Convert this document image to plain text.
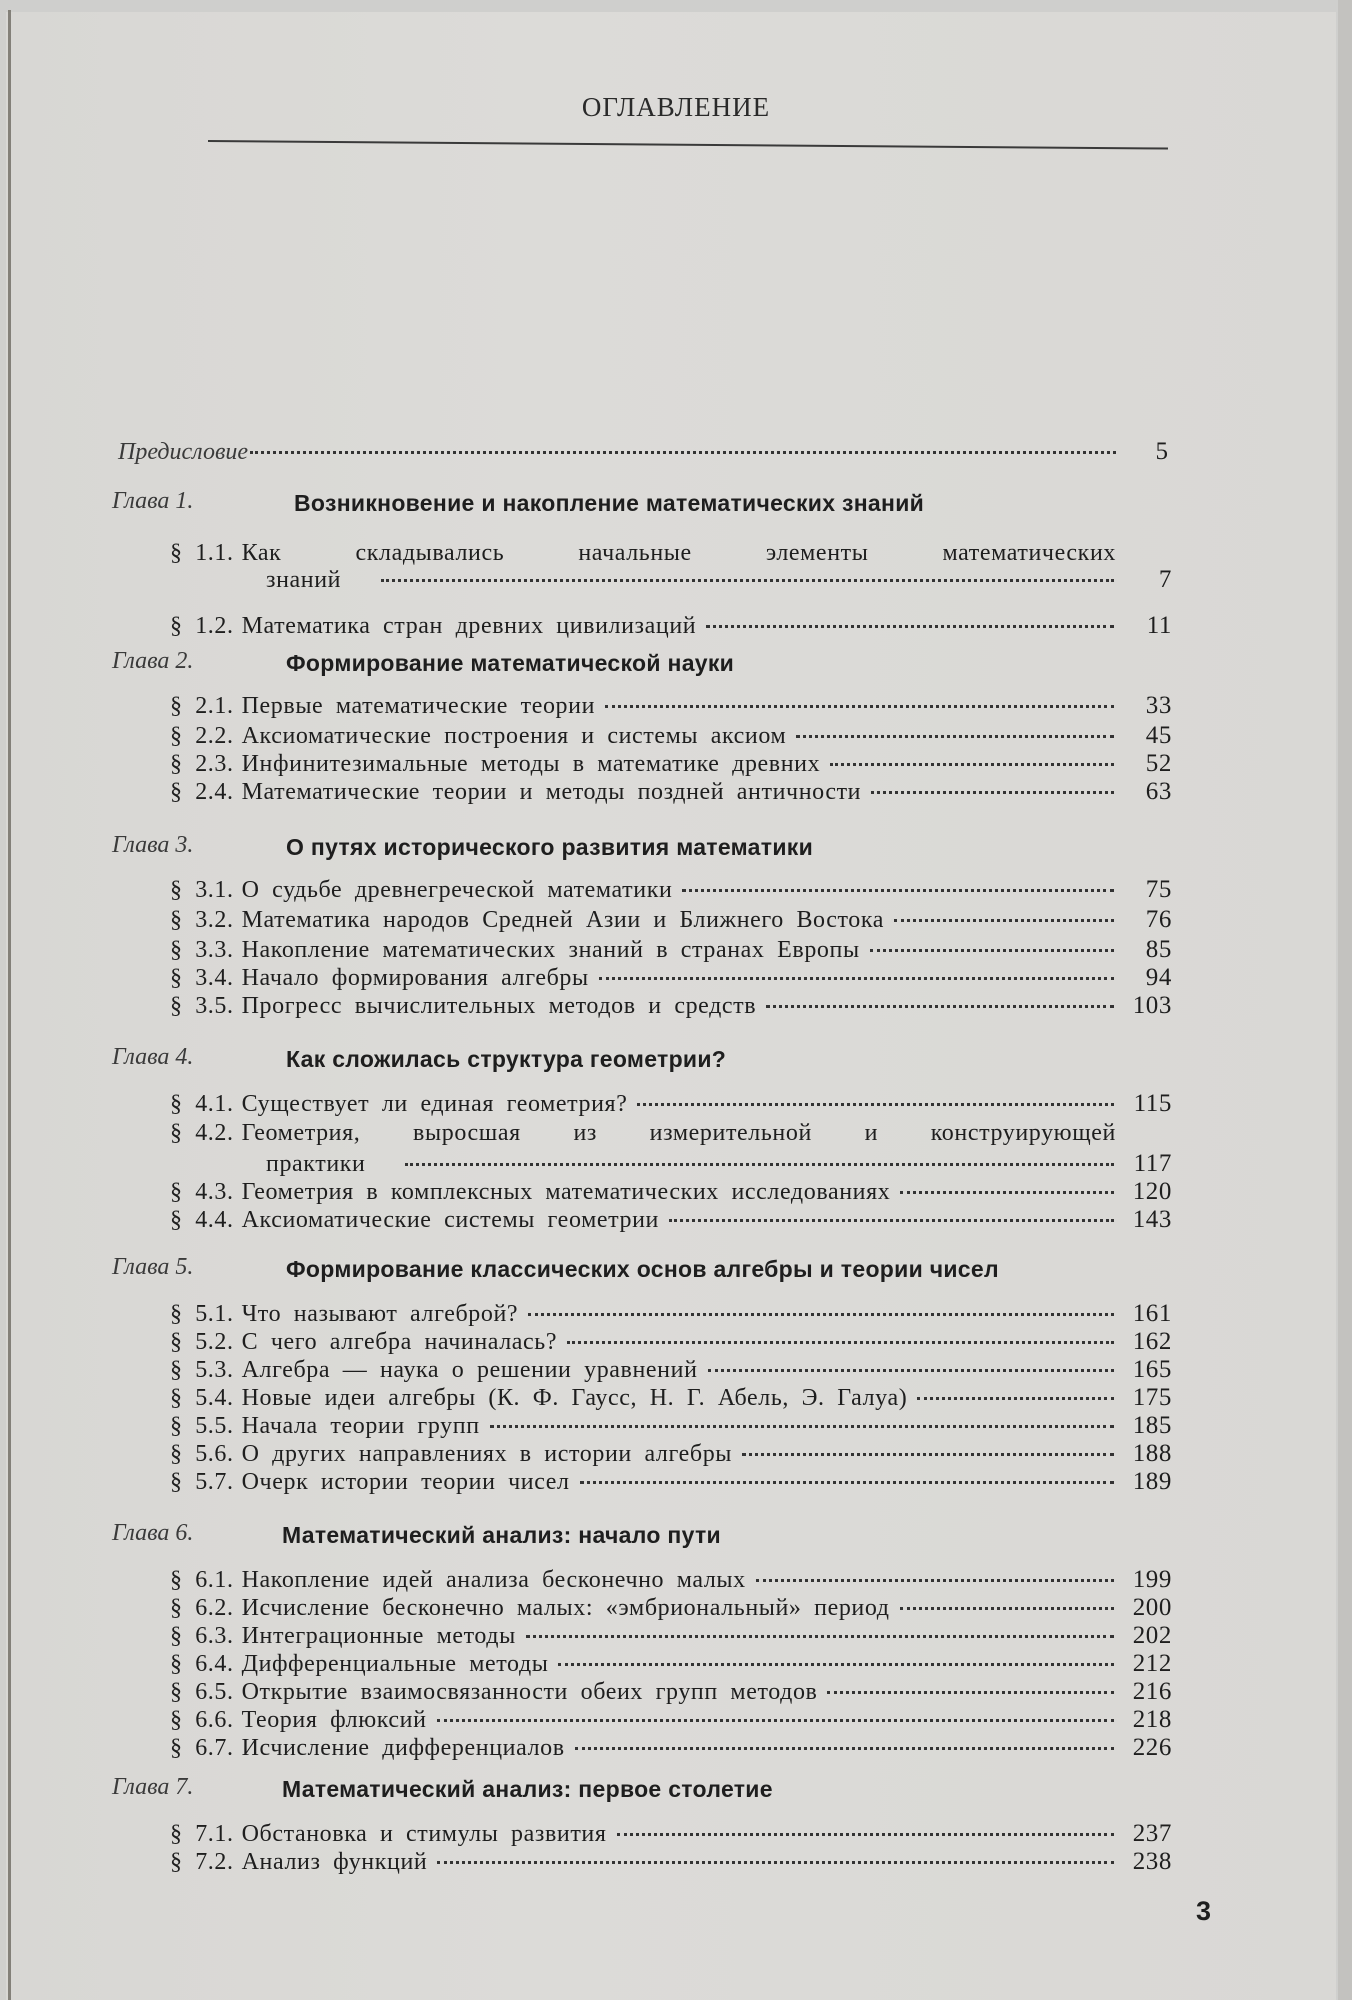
ОГЛАВЛЕНИЕ
Предисловие	5
Глава 1.	Возникновение и накопление математических знаний
§ 1.1. Как складывались начальные элементы математических
знаний	7
§ 1.2. Математика стран древних цивилизаций	11
Глава 2.	Формирование математической науки
§ 2.1. Первые математические теории	33
§ 2.2. Аксиоматические построения и системы аксиом	45
§ 2.3. Инфинитезимальные методы в математике древних	52
§ 2.4. Математические теории и методы поздней античности	63
Глава 3.	О путях исторического развития математики
§ 3.1. О судьбе древнегреческой математики	75
§ 3.2. Математика народов Средней Азии и Ближнего Востока	76
§ 3.3. Накопление математических знаний в странах Европы	85
§ 3.4. Начало формирования алгебры	94
§ 3.5. Прогресс вычислительных методов и средств	103
Глава 4.	Как сложилась структура геометрии?
§ 4.1. Существует ли единая геометрия?	115
§ 4.2. Геометрия, выросшая из измерительной и конструирующей
практики	117
§ 4.3. Геометрия в комплексных математических исследованиях	120
§ 4.4. Аксиоматические системы геометрии	143
Глава 5.	Формирование классических основ алгебры и теории чисел
§ 5.1. Что называют алгеброй?	161
§ 5.2. С чего алгебра начиналась?	162
§ 5.3. Алгебра — наука о решении уравнений	165
§ 5.4. Новые идеи алгебры (К. Ф. Гаусс, Н. Г. Абель, Э. Галуа)	175
§ 5.5. Начала теории групп	185
§ 5.6. О других направлениях в истории алгебры	188
§ 5.7. Очерк истории теории чисел	189
Глава 6.	Математический анализ: начало пути
§ 6.1. Накопление идей анализа бесконечно малых	199
§ 6.2. Исчисление бесконечно малых: «эмбриональный» период	200
§ 6.3. Интеграционные методы	202
§ 6.4. Дифференциальные методы	212
§ 6.5. Открытие взаимосвязанности обеих групп методов	216
§ 6.6. Теория флюксий	218
§ 6.7. Исчисление дифференциалов	226
Глава 7.	Математический анализ: первое столетие
§ 7.1. Обстановка и стимулы развития	237
§ 7.2. Анализ функций	238
3
